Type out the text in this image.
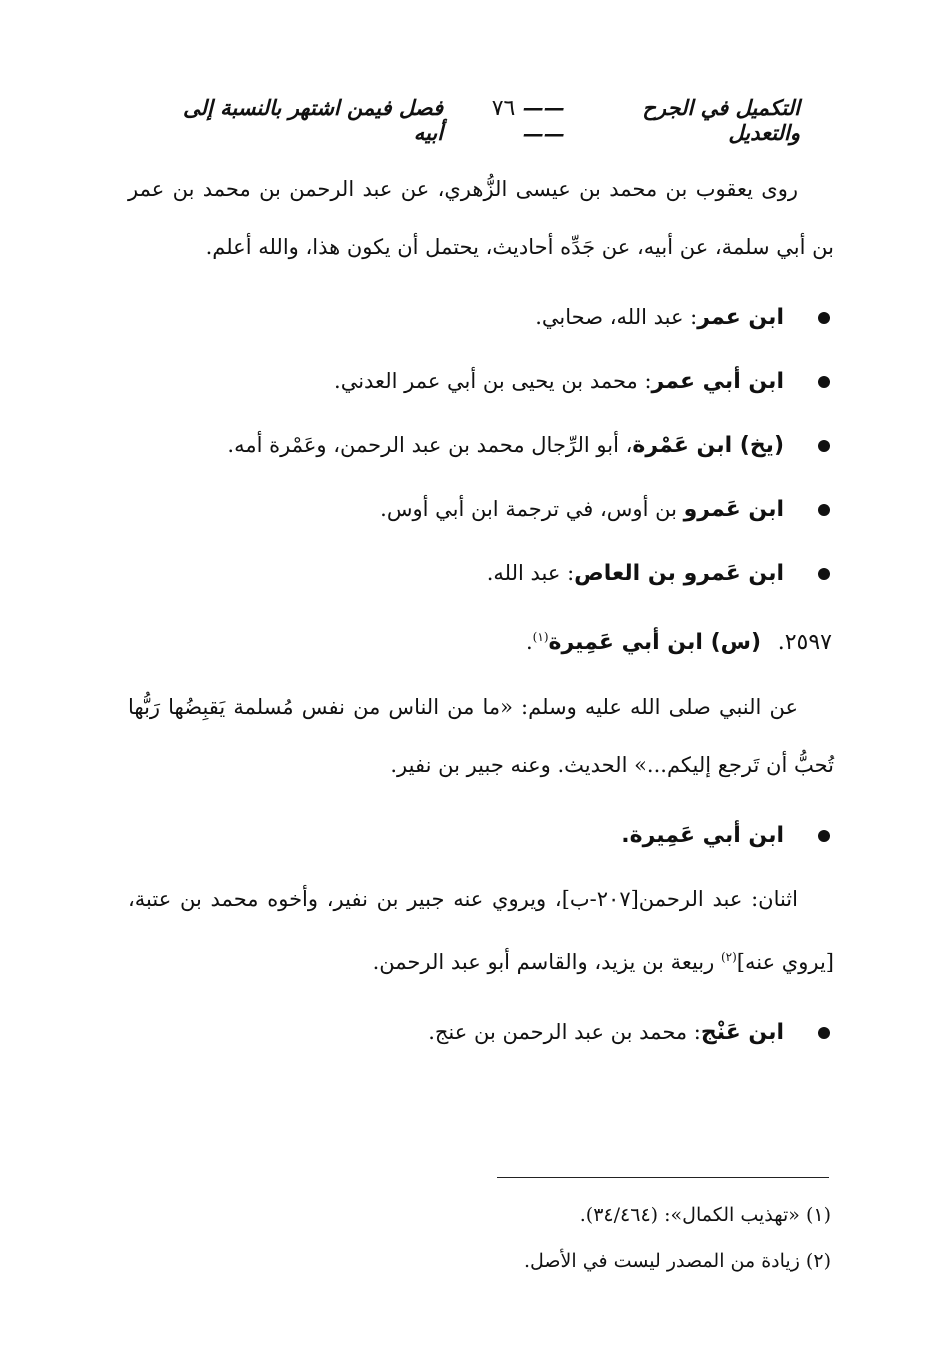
التكميل في الجرح والتعديل
—— ٧٦ ——
فصل فيمن اشتهر بالنسبة إلى أبيه

روى يعقوب بن محمد بن عيسى الزُّهري، عن عبد الرحمن بن محمد بن عمر بن أبي سلمة، عن أبيه، عن جَدِّه أحاديث، يحتمل أن يكون هذا، والله أعلم.

ابن عمر: عبد الله، صحابي.
ابن أبي عمر: محمد بن يحيى بن أبي عمر العدني.
(يخ) ابن عَمْرة، أبو الرِّجال محمد بن عبد الرحمن، وعَمْرة أمه.
ابن عَمرو بن أوس، في ترجمة ابن أبي أوس.
ابن عَمرو بن العاص: عبد الله.
٢٥٩٧. (س) ابن أبي عَمِيرة$^{(١)}$.

عن النبي صلى الله عليه وسلم: «ما من الناس من نفس مُسلمة يَقبِضُها رَبُّها تُحبُّ أن تَرجع إليكم...» الحديث. وعنه جبير بن نفير.

ابن أبي عَمِيرة.

اثنان: عبد الرحمن[٢٠٧-ب]، ويروي عنه جبير بن نفير، وأخوه محمد بن عتبة، [يروي عنه]$^{(٢)}$ ربيعة بن يزيد، والقاسم أبو عبد الرحمن.

ابن عَنْج: محمد بن عبد الرحمن بن عنج.

(١) «تهذيب الكمال»: (٣٤/٤٦٤).

(٢) زيادة من المصدر ليست في الأصل.
